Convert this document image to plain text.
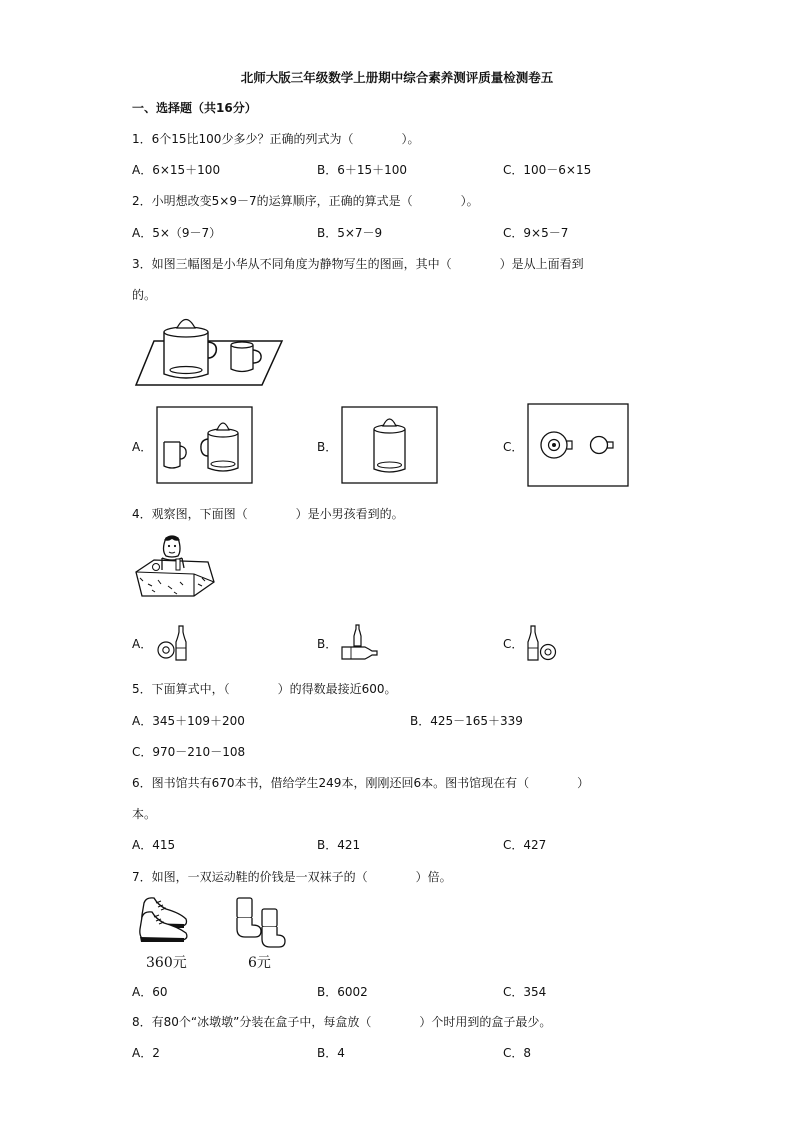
北师大版三年级数学上册期中综合素养测评质量检测卷五
一、选择题（共16分）
1．6个15比100少多少？正确的列式为（　　　　）。
A．6×15＋100	B．6＋15＋100	C．100－6×15
2．小明想改变5×9－7的运算顺序，正确的算式是（　　　　）。
A．5×（9－7）	B．5×7－9	C．9×5－7
3．如图三幅图是小华从不同角度为静物写生的图画，其中（　　　　）是从上面看到
的。
A．	B．	C．
4．观察图，下面图（　　　　）是小男孩看到的。
A．	B．	C．
5．下面算式中，（　　　　）的得数最接近600。
A．345＋109＋200	B．425－165＋339
C．970－210－108
6．图书馆共有670本书，借给学生249本，刚刚还回6本。图书馆现在有（　　　　）
本。
A．415	B．421	C．427
7．如图，一双运动鞋的价钱是一双袜子的（　　　　）倍。
360元	6元
A．60	B．6002	C．354
8．有80个“冰墩墩”分装在盒子中，每盒放（　　　　）个时用到的盒子最少。
A．2	B．4	C．8
